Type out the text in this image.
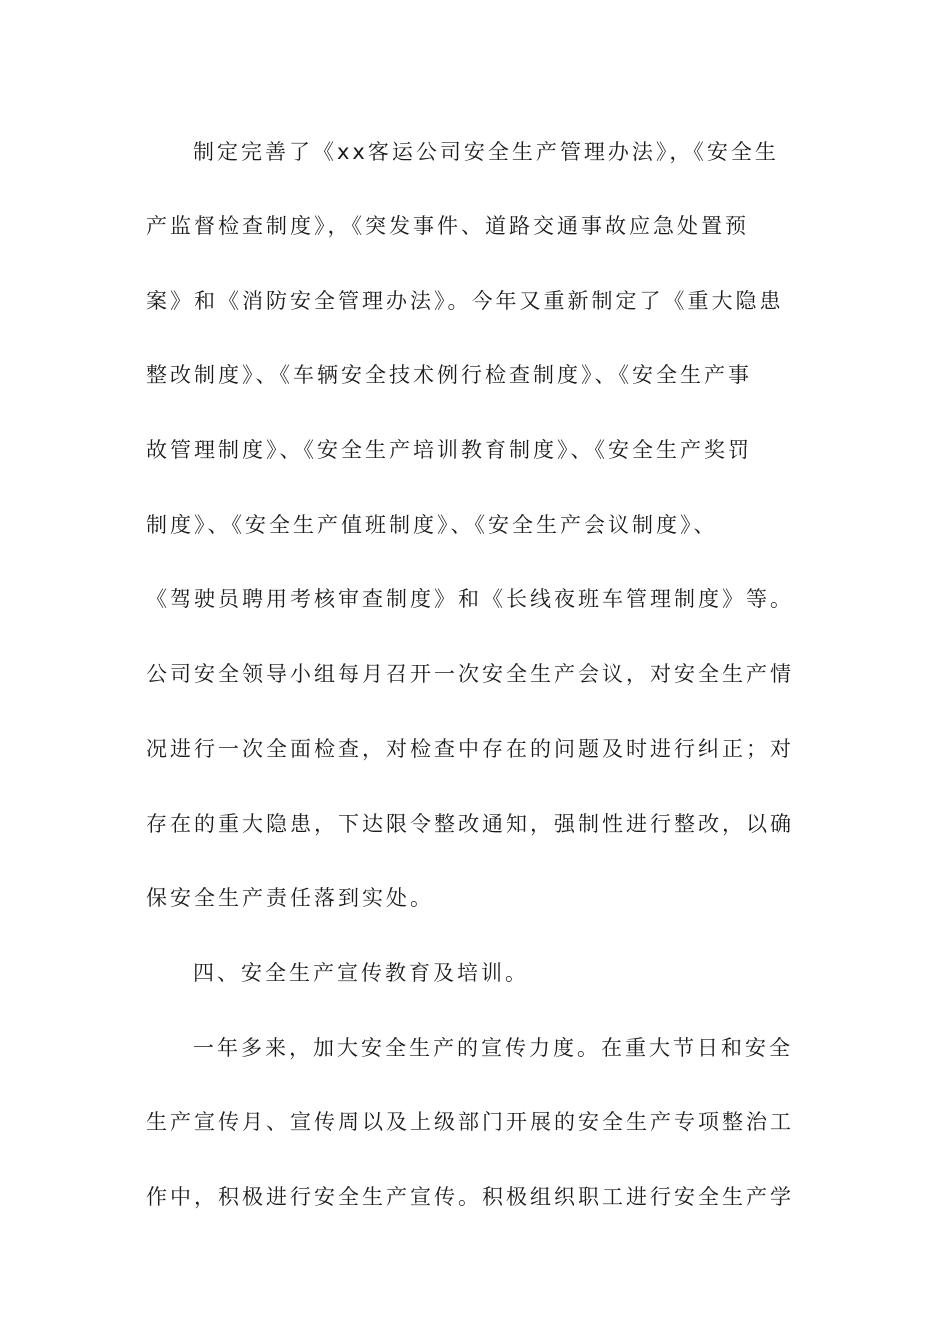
制定完善了《xx客运公司安全生产管理办法》，《安全生
产监督检查制度》，《突发事件、道路交通事故应急处置预
案》和《消防安全管理办法》。今年又重新制定了《重大隐患
整改制度》、《车辆安全技术例行检查制度》、《安全生产事
故管理制度》、《安全生产培训教育制度》、《安全生产奖罚
制度》、《安全生产值班制度》、《安全生产会议制度》、
《驾驶员聘用考核审查制度》和《长线夜班车管理制度》等。
公司安全领导小组每月召开一次安全生产会议，对安全生产情
况进行一次全面检查，对检查中存在的问题及时进行纠正；对
存在的重大隐患，下达限令整改通知，强制性进行整改，以确
保安全生产责任落到实处。
四、安全生产宣传教育及培训。
一年多来，加大安全生产的宣传力度。在重大节日和安全
生产宣传月、宣传周以及上级部门开展的安全生产专项整治工
作中，积极进行安全生产宣传。积极组织职工进行安全生产学
